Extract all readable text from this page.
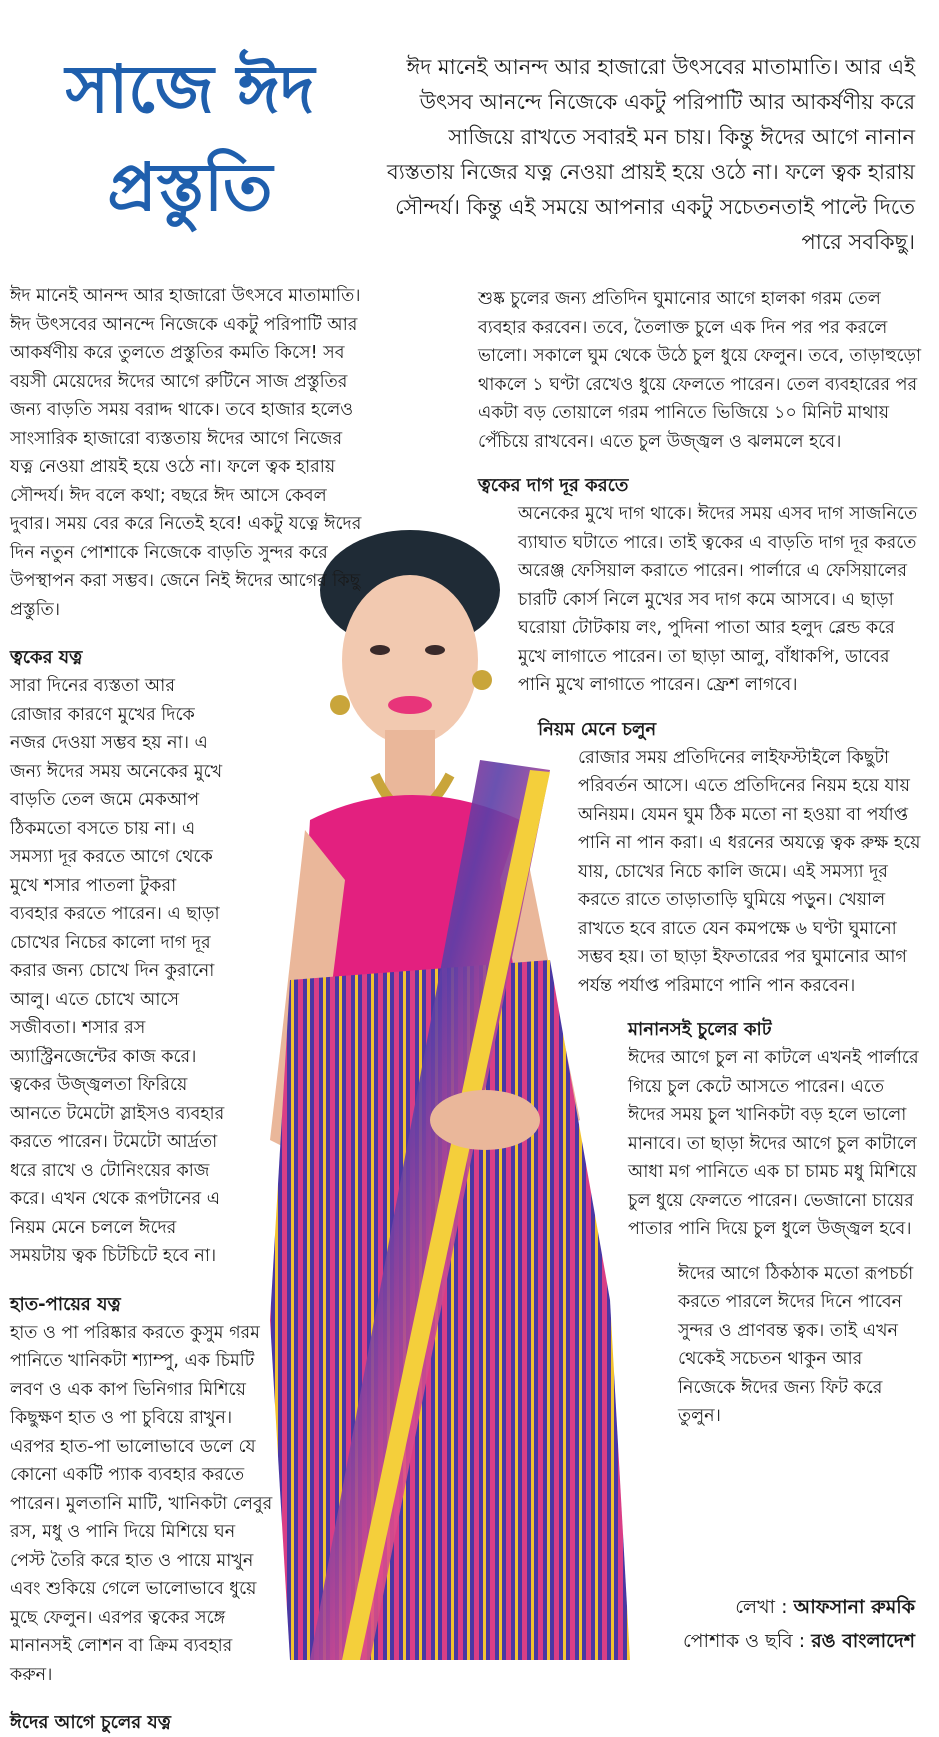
সাজে ঈদ
প্রস্তুতি
ঈদ মানেই আনন্দ আর হাজারো উৎসবের মাতামাতি। আর এই উৎসব আনন্দে নিজেকে একটু পরিপাটি আর আকর্ষণীয় করে সাজিয়ে রাখতে সবারই মন চায়। কিন্তু ঈদের আগে নানান ব্যস্ততায় নিজের যত্ন নেওয়া প্রায়ই হয়ে ওঠে না। ফলে ত্বক হারায় সৌন্দর্য। কিন্তু এই সময়ে আপনার একটু সচেতনতাই পাল্টে দিতে পারে সবকিছু।

ঈদ মানেই আনন্দ আর হাজারো উৎসবে মাতামাতি। ঈদ উৎসবের আনন্দে নিজেকে একটু পরিপাটি আর আকর্ষণীয় করে তুলতে প্রস্তুতির কমতি কিসে! সব বয়সী মেয়েদের ঈদের আগে রুটিনে সাজ প্রস্তুতির জন্য বাড়তি সময় বরাদ্দ থাকে। তবে হাজার হলেও সাংসারিক হাজারো ব্যস্ততায় ঈদের আগে নিজের যত্ন নেওয়া প্রায়ই হয়ে ওঠে না। ফলে ত্বক হারায় সৌন্দর্য। ঈদ বলে কথা; বছরে ঈদ আসে কেবল দুবার। সময় বের করে নিতেই হবে! একটু যত্নে ঈদের দিন নতুন পোশাকে নিজেকে বাড়তি সুন্দর করে উপস্থাপন করা সম্ভব। জেনে নিই ঈদের আগের কিছু প্রস্তুতি।

ত্বকের যত্ন

সারা দিনের ব্যস্ততা আর রোজার কারণে মুখের দিকে নজর দেওয়া সম্ভব হয় না। এ জন্য ঈদের সময় অনেকের মুখে বাড়তি তেল জমে মেকআপ ঠিকমতো বসতে চায় না। এ সমস্যা দূর করতে আগে থেকে মুখে শসার পাতলা টুকরা ব্যবহার করতে পারেন। এ ছাড়া চোখের নিচের কালো দাগ দূর করার জন্য চোখে দিন কুরানো আলু। এতে চোখে আসে সজীবতা। শসার রস অ্যাস্ট্রিনজেন্টের কাজ করে। ত্বকের উজ্জ্বলতা ফিরিয়ে আনতে টমেটো স্লাইসও ব্যবহার করতে পারেন। টমেটো আর্দ্রতা ধরে রাখে ও টোনিংয়ের কাজ করে। এখন থেকে রূপটানের এ নিয়ম মেনে চললে ঈদের সময়টায় ত্বক চিটচিটে হবে না।

হাত-পায়ের যত্ন

হাত ও পা পরিষ্কার করতে কুসুম গরম পানিতে খানিকটা শ্যাম্পু, এক চিমটি লবণ ও এক কাপ ভিনিগার মিশিয়ে কিছুক্ষণ হাত ও পা চুবিয়ে রাখুন। এরপর হাত-পা ভালোভাবে ডলে যে কোনো একটি প্যাক ব্যবহার করতে পারেন। মুলতানি মাটি, খানিকটা লেবুর রস, মধু ও পানি দিয়ে মিশিয়ে ঘন পেস্ট তৈরি করে হাত ও পায়ে মাখুন এবং শুকিয়ে গেলে ভালোভাবে ধুয়ে মুছে ফেলুন। এরপর ত্বকের সঙ্গে মানানসই লোশন বা ক্রিম ব্যবহার করুন।

ঈদের আগে চুলের যত্ন

শুষ্ক চুলের জন্য প্রতিদিন ঘুমানোর আগে হালকা গরম তেল ব্যবহার করবেন। তবে, তৈলাক্ত চুলে এক দিন পর পর করলে ভালো। সকালে ঘুম থেকে উঠে চুল ধুয়ে ফেলুন। তবে, তাড়াহুড়ো থাকলে ১ ঘণ্টা রেখেও ধুয়ে ফেলতে পারেন। তেল ব্যবহারের পর একটা বড় তোয়ালে গরম পানিতে ভিজিয়ে ১০ মিনিট মাথায় পেঁচিয়ে রাখবেন। এতে চুল উজ্জ্বল ও ঝলমলে হবে।

ত্বকের দাগ দূর করতে

অনেকের মুখে দাগ থাকে। ঈদের সময় এসব দাগ সাজনিতে ব্যাঘাত ঘটাতে পারে। তাই ত্বকের এ বাড়তি দাগ দূর করতে অরেঞ্জ ফেসিয়াল করাতে পারেন। পার্লারে এ ফেসিয়ালের চারটি কোর্স নিলে মুখের সব দাগ কমে আসবে। এ ছাড়া ঘরোয়া টোটকায় লং, পুদিনা পাতা আর হলুদ ব্লেন্ড করে মুখে লাগাতে পারেন। তা ছাড়া আলু, বাঁধাকপি, ডাবের পানি মুখে লাগাতে পারেন। ফ্রেশ লাগবে।

নিয়ম মেনে চলুন

রোজার সময় প্রতিদিনের লাইফস্টাইলে কিছুটা পরিবর্তন আসে। এতে প্রতিদিনের নিয়ম হয়ে যায় অনিয়ম। যেমন ঘুম ঠিক মতো না হওয়া বা পর্যাপ্ত পানি না পান করা। এ ধরনের অযত্নে ত্বক রুক্ষ হয়ে যায়, চোখের নিচে কালি জমে। এই সমস্যা দূর করতে রাতে তাড়াতাড়ি ঘুমিয়ে পড়ুন। খেয়াল রাখতে হবে রাতে যেন কমপক্ষে ৬ ঘণ্টা ঘুমানো সম্ভব হয়। তা ছাড়া ইফতারের পর ঘুমানোর আগ পর্যন্ত পর্যাপ্ত পরিমাণে পানি পান করবেন।

মানানসই চুলের কাট

ঈদের আগে চুল না কাটলে এখনই পার্লারে গিয়ে চুল কেটে আসতে পারেন। এতে ঈদের সময় চুল খানিকটা বড় হলে ভালো মানাবে। তা ছাড়া ঈদের আগে চুল কাটালে আধা মগ পানিতে এক চা চামচ মধু মিশিয়ে চুল ধুয়ে ফেলতে পারেন। ভেজানো চায়ের পাতার পানি দিয়ে চুল ধুলে উজ্জ্বল হবে।

ঈদের আগে ঠিকঠাক মতো রূপচর্চা করতে পারলে ঈদের দিনে পাবেন সুন্দর ও প্রাণবন্ত ত্বক। তাই এখন থেকেই সচেতন থাকুন আর নিজেকে ঈদের জন্য ফিট করে তুলুন।

লেখা : আফসানা রুমকি
পোশাক ও ছবি : রঙ বাংলাদেশ
